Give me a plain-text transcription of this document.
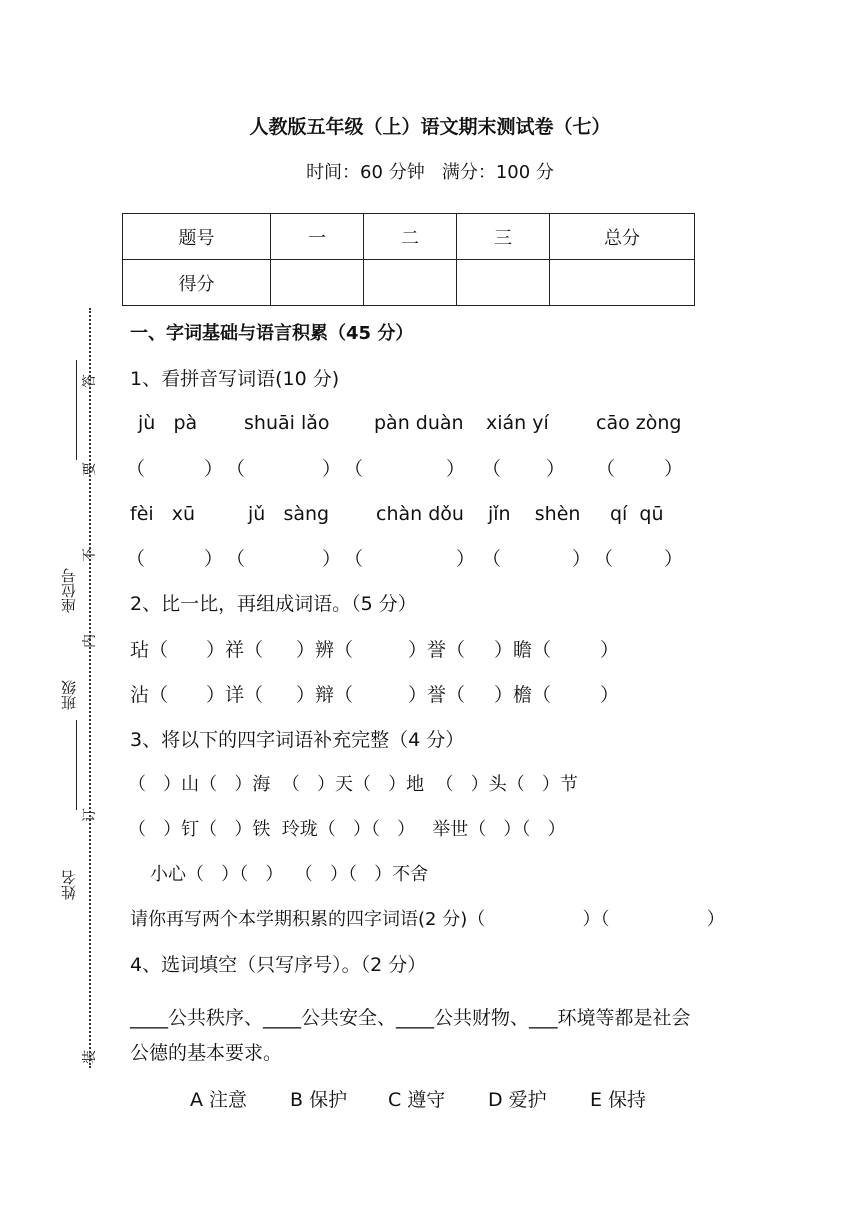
人教版五年级（上）语文期末测试卷（七）
时间：60 分钟   满分：100 分
题号	一	二	三	总分
得分				
座位号
班级
姓名
答
要
不
内
订
装
一、字词基础与语言积累（45 分）
1、看拼音写词语(10 分)
jù   pà shuāi lǎo pàn duàn xián yí cāo zòng
（	） （	） （	） （ ） （	）
fèi   xū	jǔ   sàng chàn dǒu jǐn    shèn qí  qū
（	） （	） （	） （	） （	）
2、比一比，再组成词语。（5 分）
玷（ ）祥（ ）辨（	）誉（ ）瞻（	）
沾（ ）详（ ）辩（	）誉（ ）檐（	）
3、将以下的四字词语补充完整（4 分）
（   ）山（   ）海  （   ）天（   ）地  （   ）头（   ）节
（   ）钉（   ）铁  玲珑（   ）（   ）   举世（   ）（   ）
小心（   ）（   ）  （   ）（   ）不舍
请你再写两个本学期积累的四字词语(2 分)（                 ）（                 ）
4、选词填空（只写序号）。（2 分）
____公共秩序、____公共安全、____公共财物、___环境等都是社会
公德的基本要求。
A 注意 B 保护 C 遵守 D 爱护 E 保持
